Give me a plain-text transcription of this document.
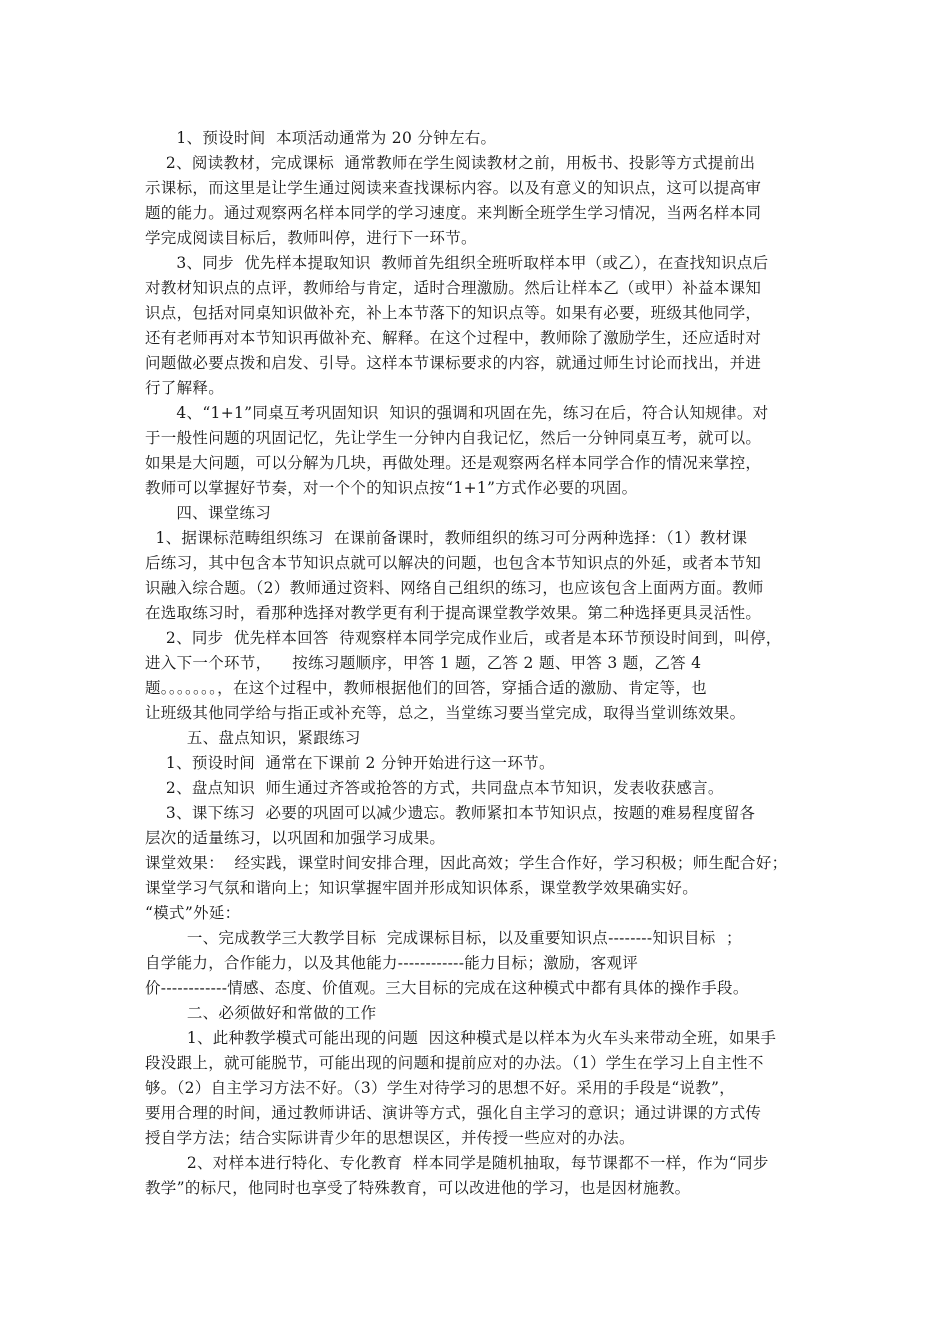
1、预设时间  本项活动通常为 20 分钟左右。
2、阅读教材，完成课标  通常教师在学生阅读教材之前，用板书、投影等方式提前出
示课标，而这里是让学生通过阅读来查找课标内容。以及有意义的知识点，这可以提高审
题的能力。通过观察两名样本同学的学习速度。来判断全班学生学习情况，当两名样本同
学完成阅读目标后，教师叫停，进行下一环节。
3、同步  优先样本提取知识  教师首先组织全班听取样本甲（或乙），在查找知识点后
对教材知识点的点评，教师给与肯定，适时合理激励。然后让样本乙（或甲）补益本课知
识点，包括对同桌知识做补充，补上本节落下的知识点等。如果有必要，班级其他同学，
还有老师再对本节知识再做补充、解释。在这个过程中，教师除了激励学生，还应适时对
问题做必要点拨和启发、引导。这样本节课标要求的内容，就通过师生讨论而找出，并进
行了解释。
4、“1+1”同桌互考巩固知识  知识的强调和巩固在先，练习在后，符合认知规律。对
于一般性问题的巩固记忆，先让学生一分钟内自我记忆，然后一分钟同桌互考，就可以。
如果是大问题，可以分解为几块，再做处理。还是观察两名样本同学合作的情况来掌控，
教师可以掌握好节奏，对一个个的知识点按“1+1”方式作必要的巩固。
四、课堂练习
1、据课标范畴组织练习  在课前备课时，教师组织的练习可分两种选择：（1）教材课
后练习，其中包含本节知识点就可以解决的问题，也包含本节知识点的外延，或者本节知
识融入综合题。（2）教师通过资料、网络自己组织的练习，也应该包含上面两方面。教师
在选取练习时，看那种选择对教学更有利于提高课堂教学效果。第二种选择更具灵活性。
2、同步  优先样本回答  待观察样本同学完成作业后，或者是本环节预设时间到，叫停，
进入下一个环节，    按练习题顺序，甲答 1 题，乙答 2 题、甲答 3 题，乙答 4
题。。。。。。。，在这个过程中，教师根据他们的回答，穿插合适的激励、肯定等，也
让班级其他同学给与指正或补充等，总之，当堂练习要当堂完成，取得当堂训练效果。
五、盘点知识，紧跟练习
1、预设时间  通常在下课前 2 分钟开始进行这一环节。
2、盘点知识  师生通过齐答或抢答的方式，共同盘点本节知识，发表收获感言。
3、课下练习  必要的巩固可以减少遗忘。教师紧扣本节知识点，按题的难易程度留各
层次的适量练习，以巩固和加强学习成果。
课堂效果：  经实践，课堂时间安排合理，因此高效；学生合作好，学习积极；师生配合好；
课堂学习气氛和谐向上；知识掌握牢固并形成知识体系，课堂教学效果确实好。
“模式”外延：
一、完成教学三大教学目标  完成课标目标，以及重要知识点--------知识目标  ；
自学能力，合作能力，以及其他能力------------能力目标；激励，客观评
价------------情感、态度、价值观。三大目标的完成在这种模式中都有具体的操作手段。
二、必须做好和常做的工作
1、此种教学模式可能出现的问题  因这种模式是以样本为火车头来带动全班，如果手
段没跟上，就可能脱节，可能出现的问题和提前应对的办法。（1）学生在学习上自主性不
够。（2）自主学习方法不好。（3）学生对待学习的思想不好。采用的手段是“说教”，
要用合理的时间，通过教师讲话、演讲等方式，强化自主学习的意识；通过讲课的方式传
授自学方法；结合实际讲青少年的思想误区，并传授一些应对的办法。
2、对样本进行特化、专化教育  样本同学是随机抽取，每节课都不一样，作为“同步
教学”的标尺，他同时也享受了特殊教育，可以改进他的学习，也是因材施教。
